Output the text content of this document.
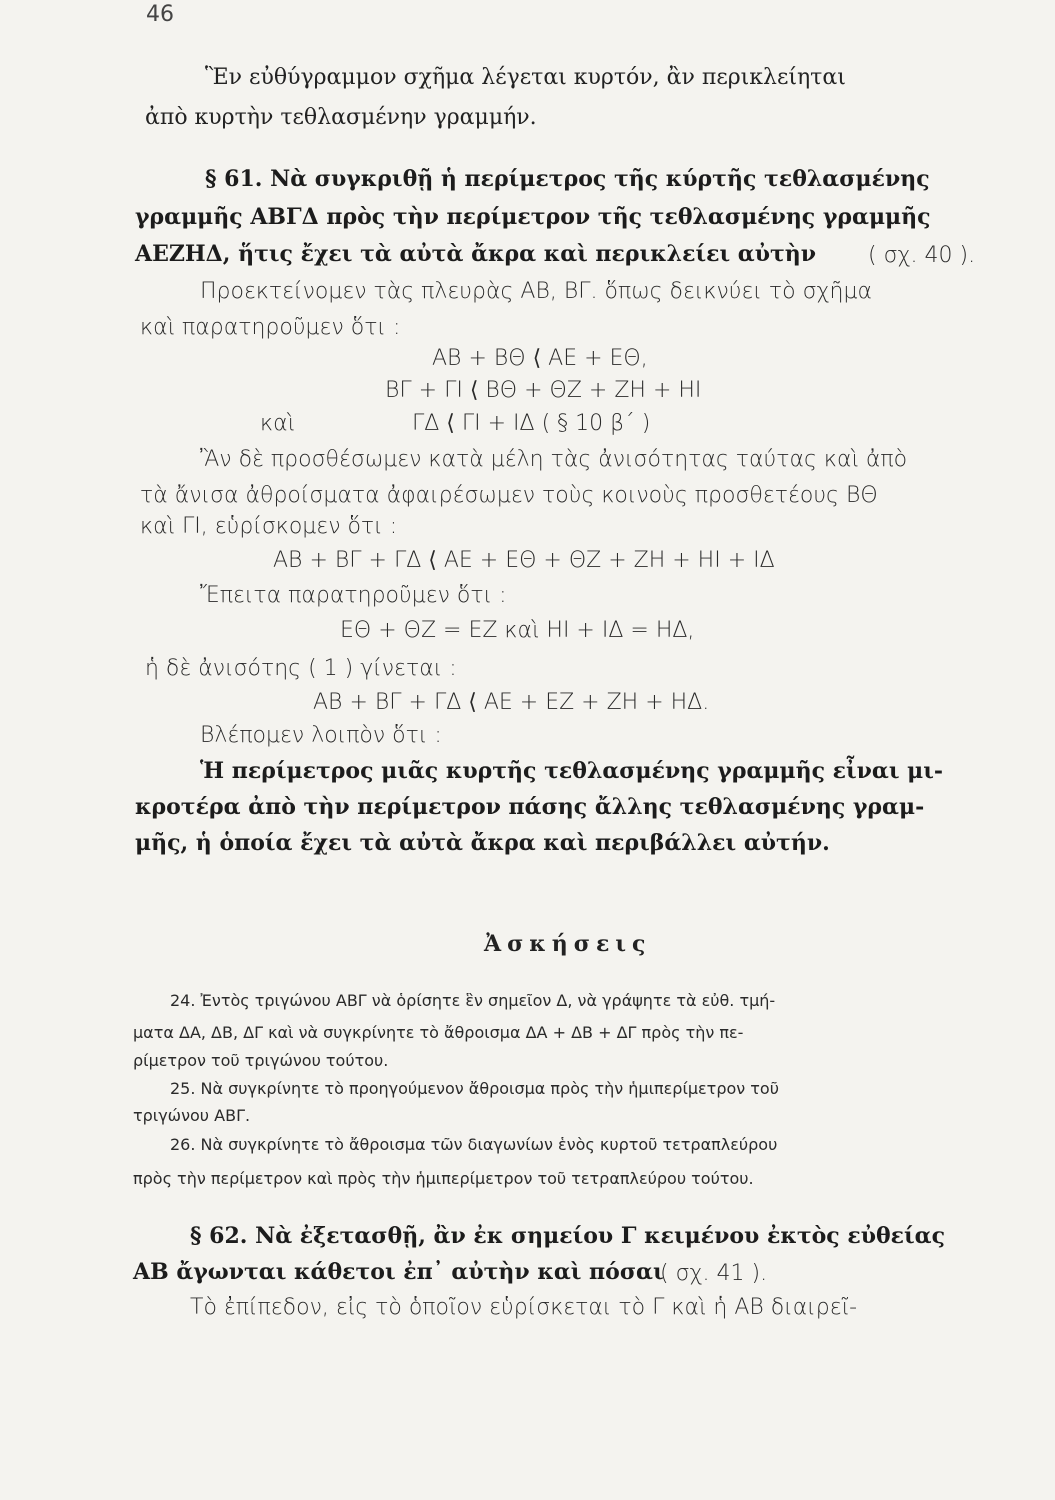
46
Ἓν εὐθύγραμμον σχῆμα λέγεται κυρτόν, ἂν περικλείηται
ἀπὸ κυρτὴν τεθλασμένην γραμμήν.
§ 61. Νὰ συγκριθῇ ἡ περίμετρος τῆς κύρτῆς τεθλασμένης
γραμμῆς ΑΒΓΔ πρὸς τὴν περίμετρον τῆς τεθλασμένης γραμμῆς
ΑΕΖΗΔ, ἥτις ἔχει τὰ αὐτὰ ἄκρα καὶ περικλείει αὐτὴν ( σχ. 40 ).
Προεκτείνομεν τὰς πλευρὰς ΑΒ, ΒΓ. ὅπως δεικνύει τὸ σχῆμα
καὶ παρατηροῦμεν ὅτι :
ΑΒ + ΒΘ ⟨ ΑΕ + ΕΘ,
ΒΓ + ΓΙ ⟨ ΒΘ + ΘΖ + ΖΗ + ΗΙ
καὶ	ΓΔ ⟨ ΓΙ + ΙΔ ( § 10 β΄ )
Ἂν δὲ προσθέσωμεν κατὰ μέλη τὰς ἀνισότητας ταύτας καὶ ἀπὸ
τὰ ἄνισα ἀθροίσματα ἀφαιρέσωμεν τοὺς κοινοὺς προσθετέους ΒΘ
καὶ ΓΙ, εὑρίσκομεν ὅτι :
ΑΒ + ΒΓ + ΓΔ ⟨ ΑΕ + ΕΘ + ΘΖ + ΖΗ + ΗΙ + ΙΔ
Ἔπειτα παρατηροῦμεν ὅτι :
ΕΘ + ΘΖ = ΕΖ καὶ ΗΙ + ΙΔ = ΗΔ,
ἡ δὲ ἀνισότης ( 1 ) γίνεται :
ΑΒ + ΒΓ + ΓΔ ⟨ ΑΕ + ΕΖ + ΖΗ + ΗΔ.
Βλέπομεν λοιπὸν ὅτι :
Ἡ περίμετρος μιᾶς κυρτῆς τεθλασμένης γραμμῆς εἶναι μι-
κροτέρα ἀπὸ τὴν περίμετρον πάσης ἄλλης τεθλασμένης γραμ-
μῆς, ἡ ὁποία ἔχει τὰ αὐτὰ ἄκρα καὶ περιβάλλει αὐτήν.
Ἀσκήσεις
24. Ἐντὸς τριγώνου ΑΒΓ νὰ ὁρίσητε ἓν σημεῖον Δ, νὰ γράψητε τὰ εὐθ. τμή-
ματα ΔΑ, ΔΒ, ΔΓ καὶ νὰ συγκρίνητε τὸ ἄθροισμα ΔΑ + ΔΒ + ΔΓ πρὸς τὴν πε-
ρίμετρον τοῦ τριγώνου τούτου.
25. Νὰ συγκρίνητε τὸ προηγούμενον ἄθροισμα πρὸς τὴν ἡμιπερίμετρον τοῦ
τριγώνου ΑΒΓ.
26. Νὰ συγκρίνητε τὸ ἄθροισμα τῶν διαγωνίων ἑνὸς κυρτοῦ τετραπλεύρου
πρὸς τὴν περίμετρον καὶ πρὸς τὴν ἡμιπερίμετρον τοῦ τετραπλεύρου τούτου.
§ 62. Νὰ ἐξετασθῇ, ἂν ἐκ σημείου Γ κειμένου ἐκτὸς εὐθείας
ΑΒ ἄγωνται κάθετοι ἐπ᾽ αὐτὴν καὶ πόσαι
( σχ. 41 ).
Τὸ ἐπίπεδον, εἰς τὸ ὁποῖον εὑρίσκεται τὸ Γ καὶ ἡ ΑΒ διαιρεῖ-
